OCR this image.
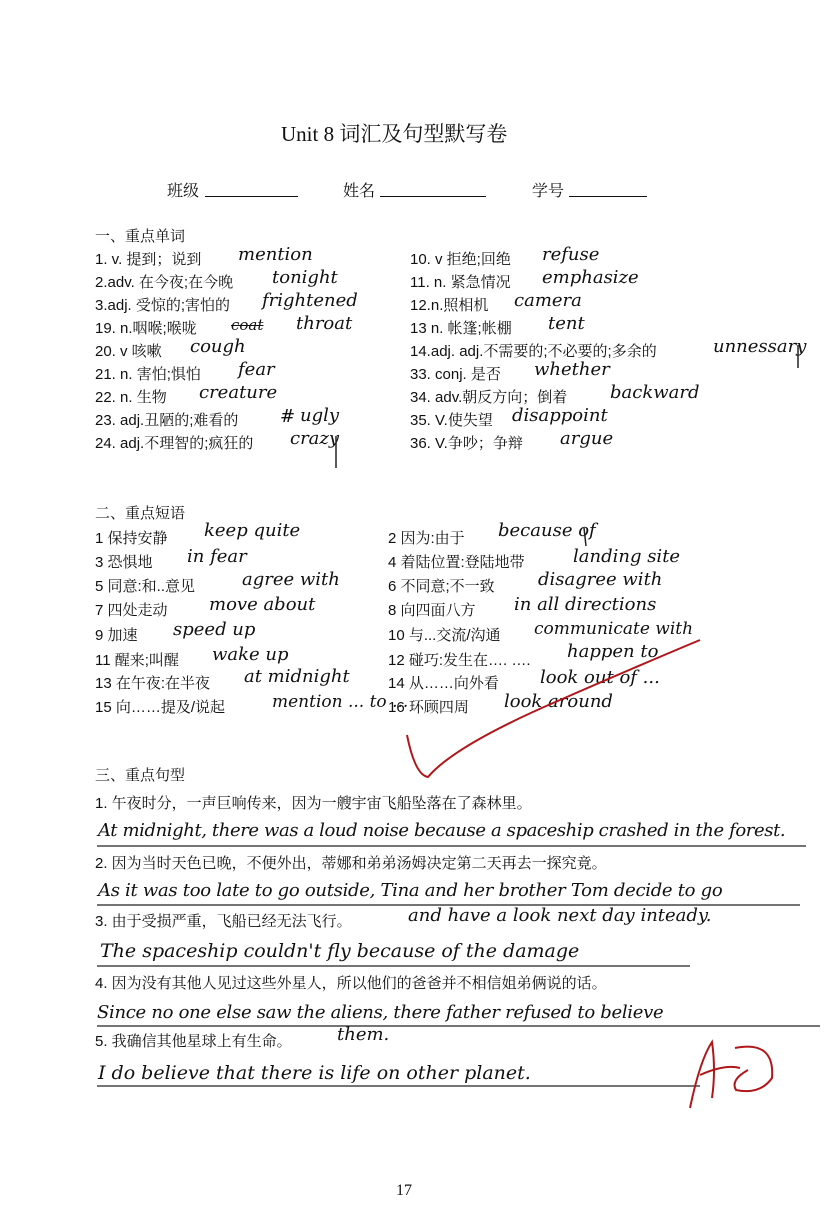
Unit 8 词汇及句型默写卷
班级	姓名	学号
一、重点单词
1. v. 提到；说到 mention
2.adv. 在今夜;在今晚 tonight
3.adj. 受惊的;害怕的 frightened
19. n.咽喉;喉咙 coat throat
20. v 咳嗽 cough
21. n. 害怕;惧怕 fear
22. n. 生物 creature
23. adj.丑陋的;难看的 # ugly
24. adj.不理智的;疯狂的 crazy
10. v 拒绝;回绝 refuse
11. n. 紧急情况 emphasize
12.n.照相机 camera
13 n. 帐篷;帐棚 tent
14.adj. adj.不需要的;不必要的;多余的	unnessary
33. conj. 是否 whether
34. adv.朝反方向；倒着 backward
35. V.使失望 disappoint
36. V.争吵；争辩 argue
二、重点短语
1 保持安静 keep quite
3 恐惧地 in fear
5 同意:和..意见	agree with
7 四处走动 move about
9 加速 speed up
11 醒来;叫醒 wake up
13 在午夜:在半夜 at midnight
15 向……提及/说起	mention ... to ...
2 因为:由于 because of
4 着陆位置:登陆地带	landing site
6 不同意;不一致 disagree with
8 向四面八方 in all directions
10 与...交流/沟通 communicate with
12 碰巧:发生在…. …. happen to
14 从……向外看 look out of ...
16 环顾四周 look around
三、重点句型
1. 午夜时分，一声巨响传来，因为一艘宇宙飞船坠落在了森林里。
At midnight, there was a loud noise because a spaceship crashed in the forest.
2. 因为当时天色已晚，不便外出，蒂娜和弟弟汤姆决定第二天再去一探究竟。
As it was too late to go outside, Tina and her brother Tom decide to go
3. 由于受损严重，飞船已经无法飞行。	and have a look next day inteady.
The spaceship couldn't fly because of the damage
4. 因为没有其他人见过这些外星人，所以他们的爸爸并不相信姐弟俩说的话。
Since no one else saw the aliens, there father refused to believe
5. 我确信其他星球上有生命。	them.
I do believe that there is life on other planet.
17
